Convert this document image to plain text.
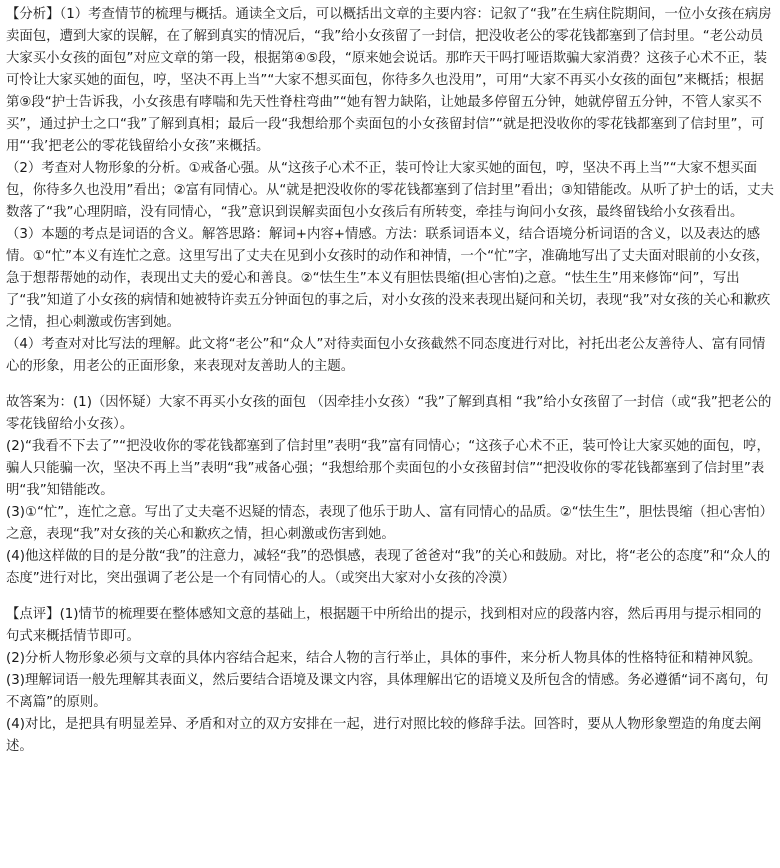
【分析】（1）考查情节的梳理与概括。通读全文后，可以概括出文章的主要内容：记叙了“我”在生病住院期间，一位小女孩在病房卖面包，遭到大家的误解，在了解到真实的情况后，“我”给小女孩留了一封信，把没收老公的零花钱都塞到了信封里。“老公动员大家买小女孩的面包”对应文章的第一段，根据第④⑤段，“原来她会说话。那昨天干吗打哑语欺骗大家消费？这孩子心术不正，装可怜让大家买她的面包，哼，坚决不再上当”“大家不想买面包，你待多久也没用”，可用“大家不再买小女孩的面包”来概括；根据第⑨段“护士告诉我，小女孩患有哮喘和先天性脊柱弯曲”“她有智力缺陷，让她最多停留五分钟，她就停留五分钟，不管人家买不买”，通过护士之口“我”了解到真相；最后一段“我想给那个卖面包的小女孩留封信”“就是把没收你的零花钱都塞到了信封里”，可用“‘我’把老公的零花钱留给小女孩”来概括。

（2）考查对人物形象的分析。①戒备心强。从“这孩子心术不正，装可怜让大家买她的面包，哼，坚决不再上当”“大家不想买面包，你待多久也没用”看出；②富有同情心。从“就是把没收你的零花钱都塞到了信封里”看出；③知错能改。从听了护士的话，丈夫数落了“我”心理阴暗，没有同情心，“我”意识到误解卖面包小女孩后有所转变，牵挂与询问小女孩，最终留钱给小女孩看出。

（3）本题的考点是词语的含义。解答思路：解词+内容+情感。方法：联系词语本义，结合语境分析词语的含义，以及表达的感情。①“忙”本义有连忙之意。这里写出了丈夫在见到小女孩时的动作和神情，一个“忙”字，准确地写出了丈夫面对眼前的小女孩，急于想帮帮她的动作，表现出丈夫的爱心和善良。②“怯生生”本义有胆怯畏缩(担心害怕)之意。“怯生生”用来修饰“问”，写出了“我”知道了小女孩的病情和她被特许卖五分钟面包的事之后，对小女孩的没来表现出疑问和关切，表现“我”对女孩的关心和歉疚之情，担心刺激或伤害到她。

（4）考查对对比写法的理解。此文将“老公”和“众人”对待卖面包小女孩截然不同态度进行对比，衬托出老公友善待人、富有同情心的形象，用老公的正面形象，来表现对友善助人的主题。

故答案为：(1)（因怀疑）大家不再买小女孩的面包 （因牵挂小女孩）“我”了解到真相 “我”给小女孩留了一封信（或“我”把老公的零花钱留给小女孩）。

(2)“我看不下去了”“把没收你的零花钱都塞到了信封里”表明“我”富有同情心；“这孩子心术不正，装可怜让大家买她的面包，哼，骗人只能骗一次，坚决不再上当”表明“我”戒备心强；“我想给那个卖面包的小女孩留封信”“把没收你的零花钱都塞到了信封里”表明“我”知错能改。

(3)①“忙”，连忙之意。写出了丈夫毫不迟疑的情态，表现了他乐于助人、富有同情心的品质。②“怯生生”，胆怯畏缩（担心害怕）之意，表现“我”对女孩的关心和歉疚之情，担心刺激或伤害到她。

(4)他这样做的目的是分散“我”的注意力，减轻“我”的恐惧感，表现了爸爸对“我”的关心和鼓励。对比，将“老公的态度”和“众人的态度”进行对比，突出强调了老公是一个有同情心的人。（或突出大家对小女孩的冷漠）

【点评】(1)情节的梳理要在整体感知文意的基础上，根据题干中所给出的提示，找到相对应的段落内容，然后再用与提示相同的句式来概括情节即可。

(2)分析人物形象必须与文章的具体内容结合起来，结合人物的言行举止，具体的事件，来分析人物具体的性格特征和精神风貌。

(3)理解词语一般先理解其表面义，然后要结合语境及课文内容，具体理解出它的语境义及所包含的情感。务必遵循“词不离句，句不离篇”的原则。

(4)对比，是把具有明显差异、矛盾和对立的双方安排在一起，进行对照比较的修辞手法。回答时，要从人物形象塑造的角度去阐述。
